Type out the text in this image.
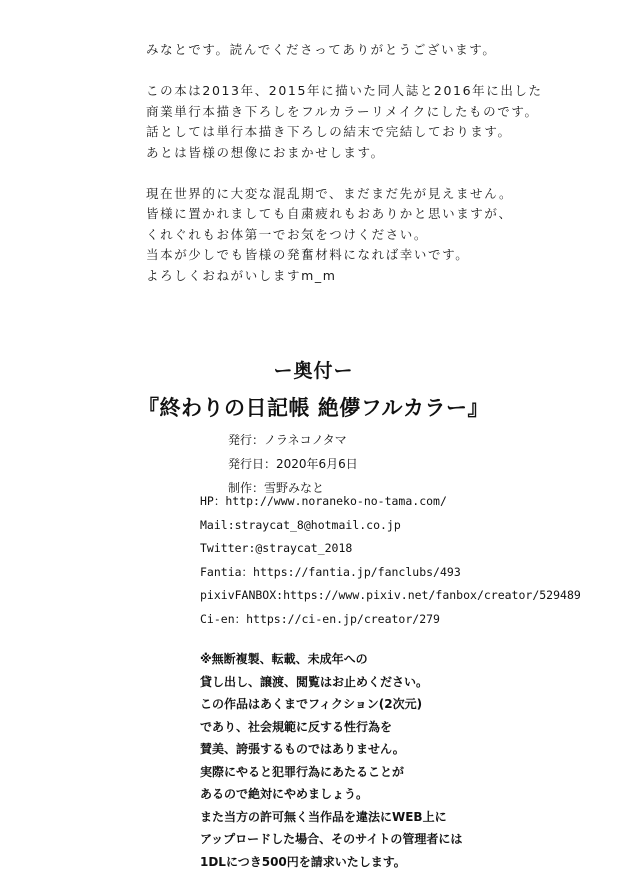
みなとです。読んでくださってありがとうございます。
この本は2013年、2015年に描いた同人誌と2016年に出した
商業単行本描き下ろしをフルカラーリメイクにしたものです。
話としては単行本描き下ろしの結末で完結しております。
あとは皆様の想像におまかせします。
現在世界的に大変な混乱期で、まだまだ先が見えません。
皆様に置かれましても自粛疲れもおありかと思いますが、
くれぐれもお体第一でお気をつけください。
当本が少しでも皆様の発奮材料になれば幸いです。
よろしくおねがいしますm_m
ー奥付ー
『終わりの日記帳 絶儚フルカラー』
発行：ノラネコノタマ
発行日：2020年6月6日
制作：雪野みなと
HP：http://www.noraneko-no-tama.com/
Mail:straycat_8@hotmail.co.jp
Twitter:@straycat_2018
Fantia：https://fantia.jp/fanclubs/493
pixivFANBOX:https://www.pixiv.net/fanbox/creator/529489
Ci-en：https://ci-en.jp/creator/279
※無断複製、転載、未成年への
貸し出し、譲渡、閲覧はお止めください。
この作品はあくまでフィクション(2次元)
であり、社会規範に反する性行為を
賛美、誇張するものではありません。
実際にやると犯罪行為にあたることが
あるので絶対にやめましょう。
また当方の許可無く当作品を違法にWEB上に
アップロードした場合、そのサイトの管理者には
1DLにつき500円を請求いたします。
